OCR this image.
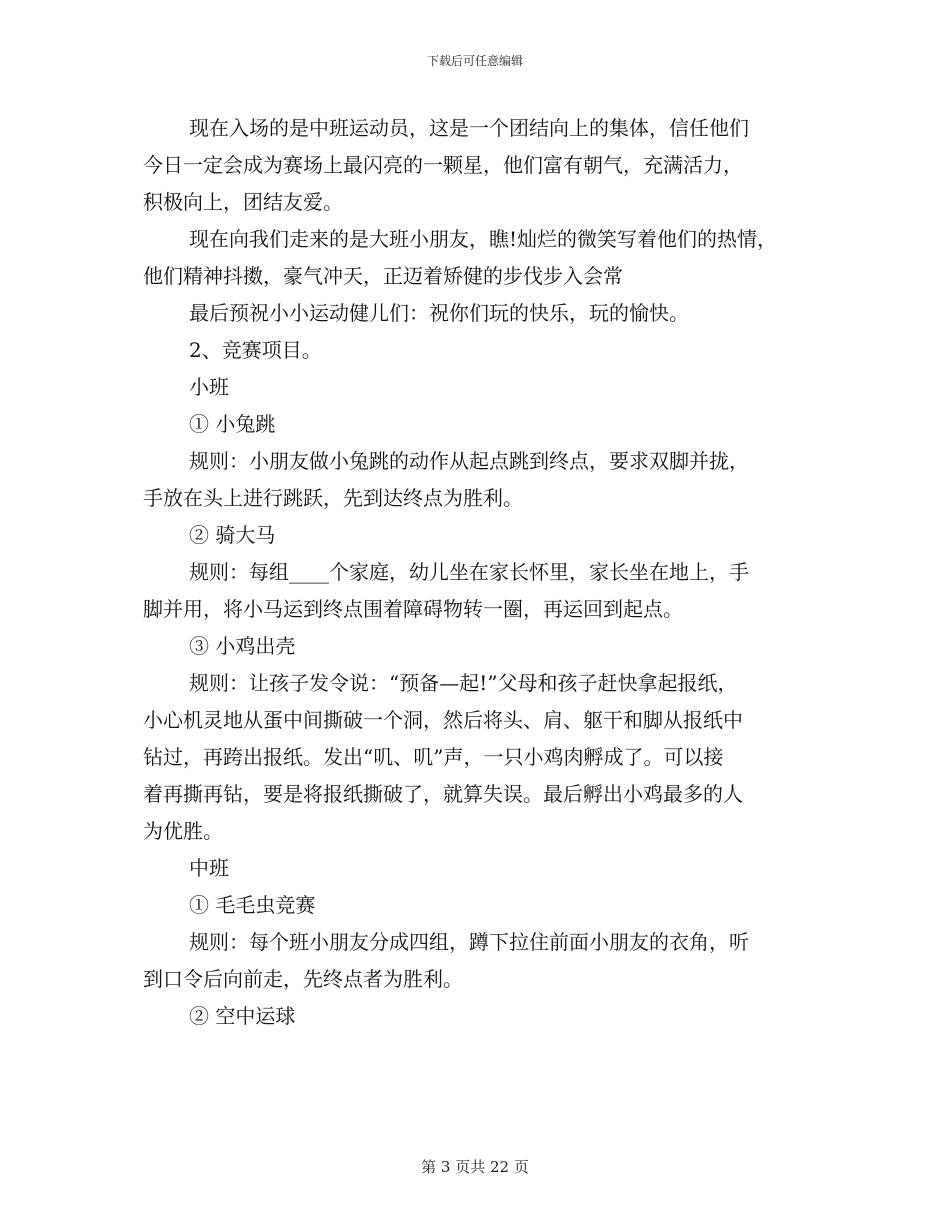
下载后可任意编辑
现在入场的是中班运动员，这是一个团结向上的集体，信任他们
今日一定会成为赛场上最闪亮的一颗星，他们富有朝气，充满活力，
积极向上，团结友爱。
现在向我们走来的是大班小朋友，瞧!灿烂的微笑写着他们的热情，
他们精神抖擞，豪气冲天，正迈着矫健的步伐步入会常
最后预祝小小运动健儿们：祝你们玩的快乐，玩的愉快。
2、竞赛项目。
小班
① 小兔跳
规则：小朋友做小兔跳的动作从起点跳到终点，要求双脚并拢，
手放在头上进行跳跃，先到达终点为胜利。
② 骑大马
规则：每组____个家庭，幼儿坐在家长怀里，家长坐在地上，手
脚并用，将小马运到终点围着障碍物转一圈，再运回到起点。
③ 小鸡出壳
规则：让孩子发令说：“预备—起!”父母和孩子赶快拿起报纸，
小心机灵地从蛋中间撕破一个洞，然后将头、肩、躯干和脚从报纸中
钻过，再跨出报纸。发出“叽、叽”声，一只小鸡肉孵成了。可以接
着再撕再钻，要是将报纸撕破了，就算失误。最后孵出小鸡最多的人
为优胜。
中班
① 毛毛虫竞赛
规则：每个班小朋友分成四组，蹲下拉住前面小朋友的衣角，听
到口令后向前走，先终点者为胜利。
② 空中运球
第 3 页共 22 页
